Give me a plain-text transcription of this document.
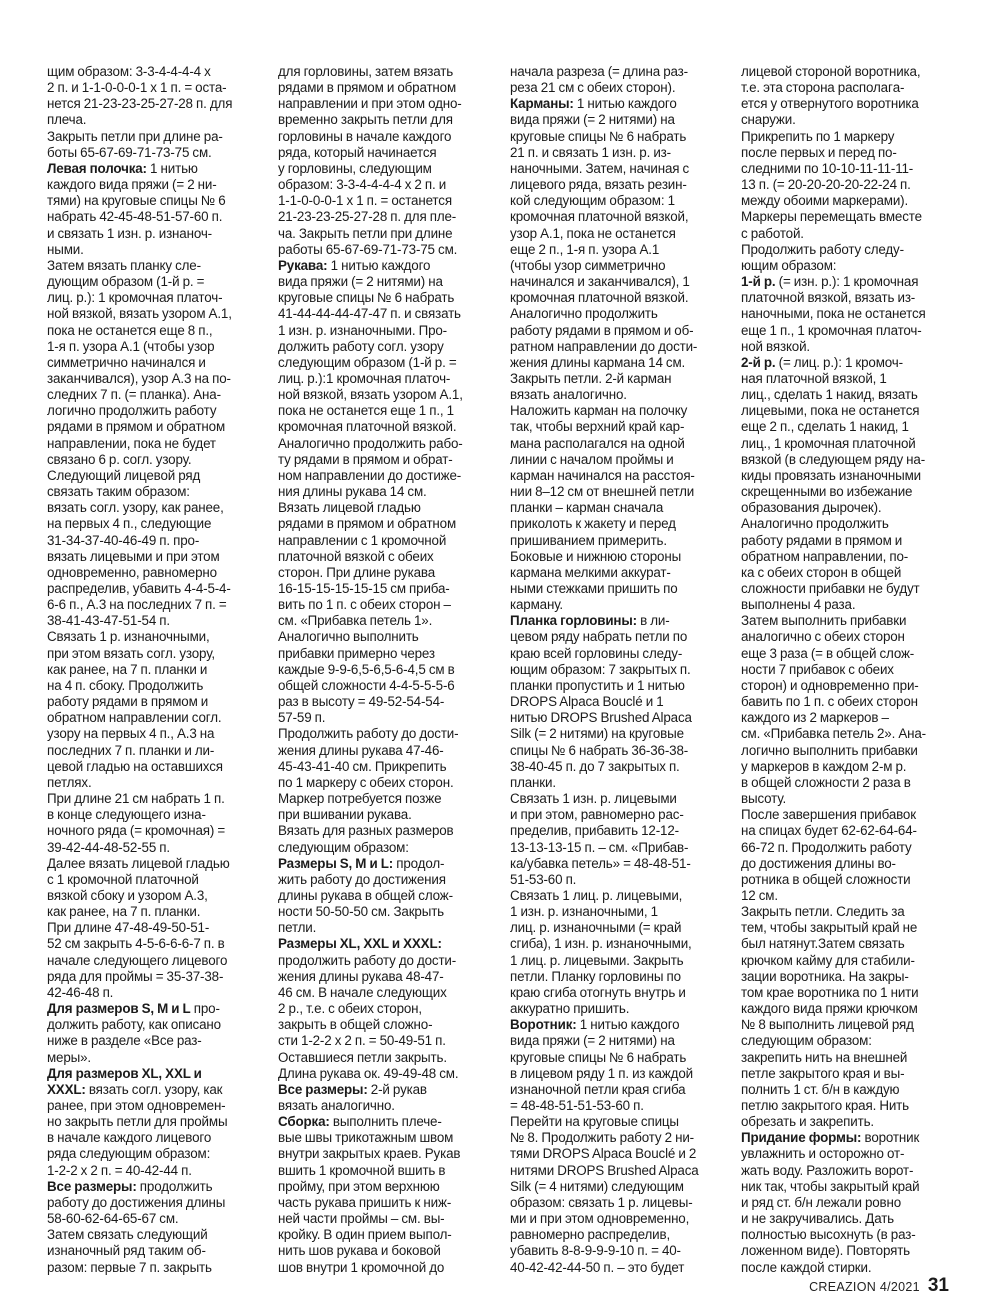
щим образом: 3-3-4-4-4-4 х
2 п. и 1-1-0-0-0-1 х 1 п. = оста-
нется 21-23-23-25-27-28 п. для
плеча.

Закрыть петли при длине ра-
боты 65-67-69-71-73-75 см.

Левая полочка: 1 нитью
каждого вида пряжи (= 2 ни-
тями) на круговые спицы № 6
набрать 42-45-48-51-57-60 п.
и связать 1 изн. р. изнаноч-
ными.

Затем вязать планку сле-
дующим образом (1-й р. =
лиц. р.): 1 кромочная платоч-
ной вязкой, вязать узором А.1,
пока не останется еще 8 п.,
1-я п. узора А.1 (чтобы узор
симметрично начинался и
заканчивался), узор А.3 на по-
следних 7 п. (= планка). Ана-
логично продолжить работу
рядами в прямом и обратном
направлении, пока не будет
связано 6 р. согл. узору.

Следующий лицевой ряд
связать таким образом:
вязать согл. узору, как ранее,
на первых 4 п., следующие
31-34-37-40-46-49 п. про-
вязать лицевыми и при этом
одновременно, равномерно
распределив, убавить 4-4-5-4-
6-6 п., А.3 на последних 7 п. =
38-41-43-47-51-54 п.

Связать 1 р. изнаночными,
при этом вязать согл. узору,
как ранее, на 7 п. планки и
на 4 п. сбоку. Продолжить
работу рядами в прямом и
обратном направлении согл.
узору на первых 4 п., А.3 на
последних 7 п. планки и ли-
цевой гладью на оставшихся
петлях.

При длине 21 см набрать 1 п.
в конце следующего изна-
ночного ряда (= кромочная) =
39-42-44-48-52-55 п.

Далее вязать лицевой гладью
с 1 кромочной платочной
вязкой сбоку и узором А.3,
как ранее, на 7 п. планки.

При длине 47-48-49-50-51-
52 см закрыть 4-5-6-6-6-7 п. в
начале следующего лицевого
ряда для проймы = 35-37-38-
42-46-48 п.

Для размеров S, M и L про-
должить работу, как описано
ниже в разделе «Все раз-
меры».

Для размеров XL, XXL и
XXXL: вязать согл. узору, как
ранее, при этом одновремен-
но закрыть петли для проймы
в начале каждого лицевого
ряда следующим образом:
1-2-2 х 2 п. = 40-42-44 п.

Все размеры: продолжить
работу до достижения длины
58-60-62-64-65-67 см.

Затем связать следующий
изнаночный ряд таким об-
разом: первые 7 п. закрыть

для горловины, затем вязать
рядами в прямом и обратном
направлении и при этом одно-
временно закрыть петли для
горловины в начале каждого
ряда, который начинается
у горловины, следующим
образом: 3-3-4-4-4-4 х 2 п. и
1-1-0-0-0-1 х 1 п. = останется
21-23-23-25-27-28 п. для пле-
ча. Закрыть петли при длине
работы 65-67-69-71-73-75 см.

Рукава: 1 нитью каждого
вида пряжи (= 2 нитями) на
круговые спицы № 6 набрать
41-44-44-44-47-47 п. и связать
1 изн. р. изнаночными. Про-
должить работу согл. узору
следующим образом (1-й р. =
лиц. р.):1 кромочная платоч-
ной вязкой, вязать узором А.1,
пока не останется еще 1 п., 1
кромочная платочной вязкой.
Аналогично продолжить рабо-
ту рядами в прямом и обрат-
ном направлении до достиже-
ния длины рукава 14 см.

Вязать лицевой гладью
рядами в прямом и обратном
направлении с 1 кромочной
платочной вязкой с обеих
сторон. При длине рукава
16-15-15-15-15-15 см приба-
вить по 1 п. с обеих сторон –
см. «Прибавка петель 1».
Аналогично выполнить
прибавки примерно через
каждые 9-9-6,5-6,5-6-4,5 см в
общей сложности 4-4-5-5-5-6
раз в высоту = 49-52-54-54-
57-59 п.

Продолжить работу до дости-
жения длины рукава 47-46-
45-43-41-40 см. Прикрепить
по 1 маркеру с обеих сторон.
Маркер потребуется позже
при вшивании рукава.

Вязать для разных размеров
следующим образом:

Размеры S, M и L: продол-
жить работу до достижения
длины рукава в общей слож-
ности 50-50-50 см. Закрыть
петли.

Размеры XL, XXL и XXXL:
продолжить работу до дости-
жения длины рукава 48-47-
46 см. В начале следующих
2 р., т.е. с обеих сторон,
закрыть в общей сложно-
сти 1-2-2 х 2 п. = 50-49-51 п.
Оставшиеся петли закрыть.
Длина рукава ок. 49-49-48 см.

Все размеры: 2-й рукав
вязать аналогично.

Сборка: выполнить плече-
вые швы трикотажным швом
внутри закрытых краев. Рукав
вшить 1 кромочной вшить в
пройму, при этом верхнюю
часть рукава пришить к ниж-
ней части проймы – см. вы-
кройку. В один прием выпол-
нить шов рукава и боковой
шов внутри 1 кромочной до

начала разреза (= длина раз-
реза 21 см с обеих сторон).

Карманы: 1 нитью каждого
вида пряжи (= 2 нитями) на
круговые спицы № 6 набрать
21 п. и связать 1 изн. р. из-
наночными. Затем, начиная с
лицевого ряда, вязать резин-
кой следующим образом: 1
кромочная платочной вязкой,
узор А.1, пока не останется
еще 2 п., 1-я п. узора А.1
(чтобы узор симметрично
начинался и заканчивался), 1
кромочная платочной вязкой.
Аналогично продолжить
работу рядами в прямом и об-
ратном направлении до дости-
жения длины кармана 14 см.
Закрыть петли. 2-й карман
вязать аналогично.

Наложить карман на полочку
так, чтобы верхний край кар-
мана располагался на одной
линии с началом проймы и
карман начинался на расстоя-
нии 8–12 см от внешней петли
планки – карман сначала
приколоть к жакету и перед
пришиванием примерить.
Боковые и нижнюю стороны
кармана мелкими аккурат-
ными стежками пришить по
карману.

Планка горловины: в ли-
цевом ряду набрать петли по
краю всей горловины следу-
ющим образом: 7 закрытых п.
планки пропустить и 1 нитью
DROPS Alpaca Bouclé и 1
нитью DROPS Brushed Alpaca
Silk (= 2 нитями) на круговые
спицы № 6 набрать 36-36-38-
38-40-45 п. до 7 закрытых п.
планки.

Связать 1 изн. р. лицевыми
и при этом, равномерно рас-
пределив, прибавить 12-12-
13-13-13-15 п. – см. «Прибав-
ка/убавка петель» = 48-48-51-
51-53-60 п.

Связать 1 лиц. р. лицевыми,
1 изн. р. изнаночными, 1
лиц. р. изнаночными (= край
сгиба), 1 изн. р. изнаночными,
1 лиц. р. лицевыми. Закрыть
петли. Планку горловины по
краю сгиба отогнуть внутрь и
аккуратно пришить.

Воротник: 1 нитью каждого
вида пряжи (= 2 нитями) на
круговые спицы № 6 набрать
в лицевом ряду 1 п. из каждой
изнаночной петли края сгиба
= 48-48-51-51-53-60 п.

Перейти на круговые спицы
№ 8. Продолжить работу 2 ни-
тями DROPS Alpaca Bouclé и 2
нитями DROPS Brushed Alpaca
Silk (= 4 нитями) следующим
образом: связать 1 р. лицевы-
ми и при этом одновременно,
равномерно распределив,
убавить 8-8-9-9-9-10 п. = 40-
40-42-42-44-50 п. – это будет

лицевой стороной воротника,
т.е. эта сторона располагa-
ется у отвернутого воротника
снаружи.

Прикрепить по 1 маркеру
после первых и перед по-
следними по 10-10-11-11-11-
13 п. (= 20-20-20-20-22-24 п.
между обоими маркерами).
Маркеры перемещать вместе
с работой.

Продолжить работу следу-
ющим образом:

1-й р. (= изн. р.): 1 кромочная
платочной вязкой, вязать из-
наночными, пока не останется
еще 1 п., 1 кромочная платоч-
ной вязкой.

2-й р. (= лиц. р.): 1 кромоч-
ная платочной вязкой, 1
лиц., сделать 1 накид, вязать
лицевыми, пока не останется
еще 2 п., сделать 1 накид, 1
лиц., 1 кромочная платочной
вязкой (в следующем ряду на-
киды провязать изнаночными
скрещенными во избежание
образования дырочек).

Аналогично продолжить
работу рядами в прямом и
обратном направлении, по-
ка с обеих сторон в общей
сложности прибавки не будут
выполнены 4 раза.

Затем выполнить прибавки
аналогично с обеих сторон
еще 3 раза (= в общей слож-
ности 7 прибавок с обеих
сторон) и одновременно при-
бавить по 1 п. с обеих сторон
каждого из 2 маркеров –
см. «Прибавка петель 2». Ана-
логично выполнить прибавки
у маркеров в каждом 2-м р.
в общей сложности 2 раза в
высоту.

После завершения прибавок
на спицах будет 62-62-64-64-
66-72 п. Продолжить работу
до достижения длины во-
ротника в общей сложности
12 см.

Закрыть петли. Следить за
тем, чтобы закрытый край не
был натянут.Затем связать
крючком кайму для стабили-
зации воротника. На закры-
том крае воротника по 1 нити
каждого вида пряжи крючком
№ 8 выполнить лицевой ряд
следующим образом:
закрепить нить на внешней
петле закрытого края и вы-
полнить 1 ст. б/н в каждую
петлю закрытого края. Нить
обрезать и закрепить.

Придание формы: воротник
увлажнить и осторожно от-
жать воду. Разложить ворот-
ник так, чтобы закрытый край
и ряд ст. б/н лежали ровно
и не закручивались. Дать
полностью высохнуть (в раз-
ложенном виде). Повторять
после каждой стирки.

CREAZION 4/2021 31
